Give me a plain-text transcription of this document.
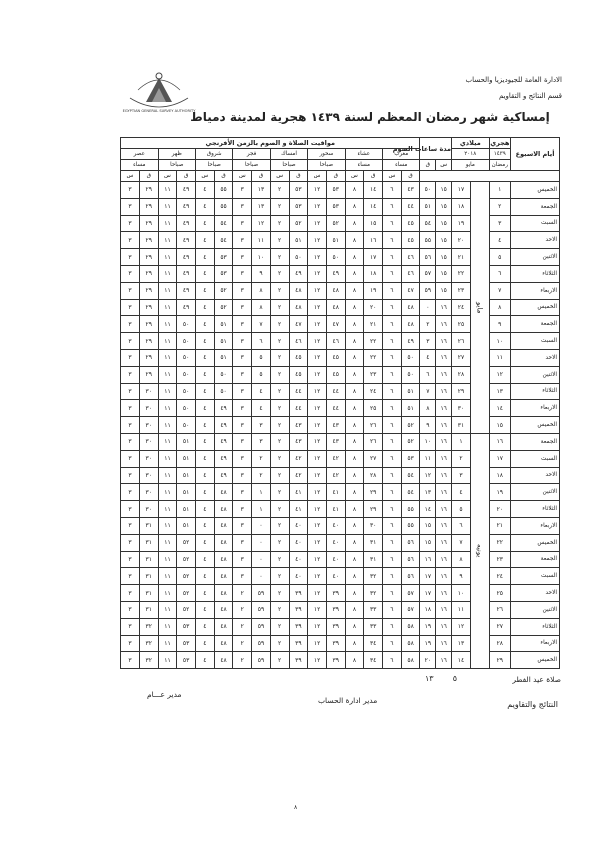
الادارة العامة للجيوديزيا والحساب
قسم النتائج و التقاويم
EGYPTIAN GENERAL SURVEY AUTHORITY
إمساكية شهر رمضان المعظم لسنة ١٤٣٩ هجرية لمدينة دمياط
أيام الاسبوع	هجري	ميلادي		مدة ساعات الصوم		مواقيت الصلاة و الصوم بالزمن الأفرنجي															
	١٤٣٩	٢٠١٨				مغرب		عشاء		سحور		امساك		فجر		شروق		ظهر		عصر	
	رمضان	مايو		س	ق	مساء		مساء		صباحا		صباحا		صباحا		صباحا		صباحا		مساء	
						ق	س	ق	س	ق	س	ق	س	ق	س	ق	س	ق	س	ق	س
الخميس	١	مايو	١٧	١٥	٥٠	٤٣	٦	١٤	٨	٥٣	١٢	٥٣	٢	١٣	٣	٥٥	٤	٤٩	١١	٢٩	٣
الجمعة	٢		١٨	١٥	٥١	٤٤	٦	١٤	٨	٥٣	١٢	٥٣	٢	١٣	٣	٥٥	٤	٤٩	١١	٢٩	٣
السبت	٣		١٩	١٥	٥٤	٤٥	٦	١٥	٨	٥٢	١٢	٥٢	٢	١٢	٣	٥٤	٤	٤٩	١١	٢٩	٣
الاحد	٤		٢٠	١٥	٥٥	٤٥	٦	١٦	٨	٥١	١٢	٥١	٢	١١	٣	٥٤	٤	٤٩	١١	٢٩	٣
الاثنين	٥		٢١	١٥	٥٦	٤٦	٦	١٧	٨	٥٠	١٢	٥٠	٢	١٠	٣	٥٣	٤	٤٩	١١	٢٩	٣
الثلاثاء	٦		٢٢	١٥	٥٧	٤٦	٦	١٨	٨	٤٩	١٢	٤٩	٢	٩	٣	٥٣	٤	٤٩	١١	٢٩	٣
الاربعاء	٧		٢٣	١٥	٥٩	٤٧	٦	١٩	٨	٤٨	١٢	٤٨	٢	٨	٣	٥٢	٤	٤٩	١١	٢٩	٣
الخميس	٨		٢٤	١٦	٠	٤٨	٦	٢٠	٨	٤٨	١٢	٤٨	٢	٨	٣	٥٢	٤	٤٩	١١	٢٩	٣
الجمعة	٩		٢٥	١٦	٢	٤٨	٦	٢١	٨	٤٧	١٢	٤٧	٢	٧	٣	٥١	٤	٥٠	١١	٢٩	٣
السبت	١٠		٢٦	١٦	٣	٤٩	٦	٢٢	٨	٤٦	١٢	٤٦	٢	٦	٣	٥١	٤	٥٠	١١	٢٩	٣
الاحد	١١		٢٧	١٦	٤	٥٠	٦	٢٢	٨	٤٥	١٢	٤٥	٢	٥	٣	٥١	٤	٥٠	١١	٢٩	٣
الاثنين	١٢		٢٨	١٦	٦	٥٠	٦	٢٣	٨	٤٥	١٢	٤٥	٢	٥	٣	٥٠	٤	٥٠	١١	٢٩	٣
الثلاثاء	١٣		٢٩	١٦	٧	٥١	٦	٢٤	٨	٤٤	١٢	٤٤	٢	٤	٣	٥٠	٤	٥٠	١١	٣٠	٣
الاربعاء	١٤		٣٠	١٦	٨	٥١	٦	٢٥	٨	٤٤	١٢	٤٤	٢	٤	٣	٤٩	٤	٥٠	١١	٣٠	٣
الخميس	١٥		٣١	١٦	٩	٥٢	٦	٢٦	٨	٤٣	١٢	٤٣	٢	٣	٣	٤٩	٤	٥٠	١١	٣٠	٣
الجمعة	١٦	يونيه	١	١٦	١٠	٥٢	٦	٢٦	٨	٤٣	١٢	٤٣	٢	٣	٣	٤٩	٤	٥١	١١	٣٠	٣
السبت	١٧		٢	١٦	١١	٥٣	٦	٢٧	٨	٤٢	١٢	٤٢	٢	٢	٣	٤٩	٤	٥١	١١	٣٠	٣
الاحد	١٨		٣	١٦	١٢	٥٤	٦	٢٨	٨	٤٢	١٢	٤٢	٢	٢	٣	٤٩	٤	٥١	١١	٣٠	٣
الاثنين	١٩		٤	١٦	١٣	٥٤	٦	٢٩	٨	٤١	١٢	٤١	٢	١	٣	٤٨	٤	٥١	١١	٣٠	٣
الثلاثاء	٢٠		٥	١٦	١٤	٥٥	٦	٢٩	٨	٤١	١٢	٤١	٢	١	٣	٤٨	٤	٥١	١١	٣٠	٣
الاربعاء	٢١		٦	١٦	١٥	٥٥	٦	٣٠	٨	٤٠	١٢	٤٠	٢	٠	٣	٤٨	٤	٥١	١١	٣١	٣
الخميس	٢٢		٧	١٦	١٥	٥٦	٦	٣١	٨	٤٠	١٢	٤٠	٢	٠	٣	٤٨	٤	٥٢	١١	٣١	٣
الجمعة	٢٣		٨	١٦	١٦	٥٦	٦	٣١	٨	٤٠	١٢	٤٠	٢	٠	٣	٤٨	٤	٥٢	١١	٣١	٣
السبت	٢٤		٩	١٦	١٧	٥٦	٦	٣٢	٨	٤٠	١٢	٤٠	٢	٠	٣	٤٨	٤	٥٢	١١	٣١	٣
الاحد	٢٥		١٠	١٦	١٧	٥٧	٦	٣٢	٨	٣٩	١٢	٣٩	٢	٥٩	٢	٤٨	٤	٥٢	١١	٣١	٣
الاثنين	٢٦		١١	١٦	١٨	٥٧	٦	٣٣	٨	٣٩	١٢	٣٩	٢	٥٩	٢	٤٨	٤	٥٢	١١	٣١	٣
الثلاثاء	٢٧		١٢	١٦	١٩	٥٨	٦	٣٣	٨	٣٩	١٢	٣٩	٢	٥٩	٢	٤٨	٤	٥٣	١١	٣٢	٣
الاربعاء	٢٨		١٣	١٦	١٩	٥٨	٦	٣٤	٨	٣٩	١٢	٣٩	٢	٥٩	٢	٤٨	٤	٥٣	١١	٣٢	٣
الخميس	٢٩		١٤	١٦	٢٠	٥٨	٦	٣٤	٨	٣٩	١٢	٣٩	٢	٥٩	٢	٤٨	٤	٥٣	١١	٣٢	٣
صلاة عيد الفطر
٥  ١٣
النتائج والتقاويم
مدير ادارة الحساب
مدير عـــام
٨
